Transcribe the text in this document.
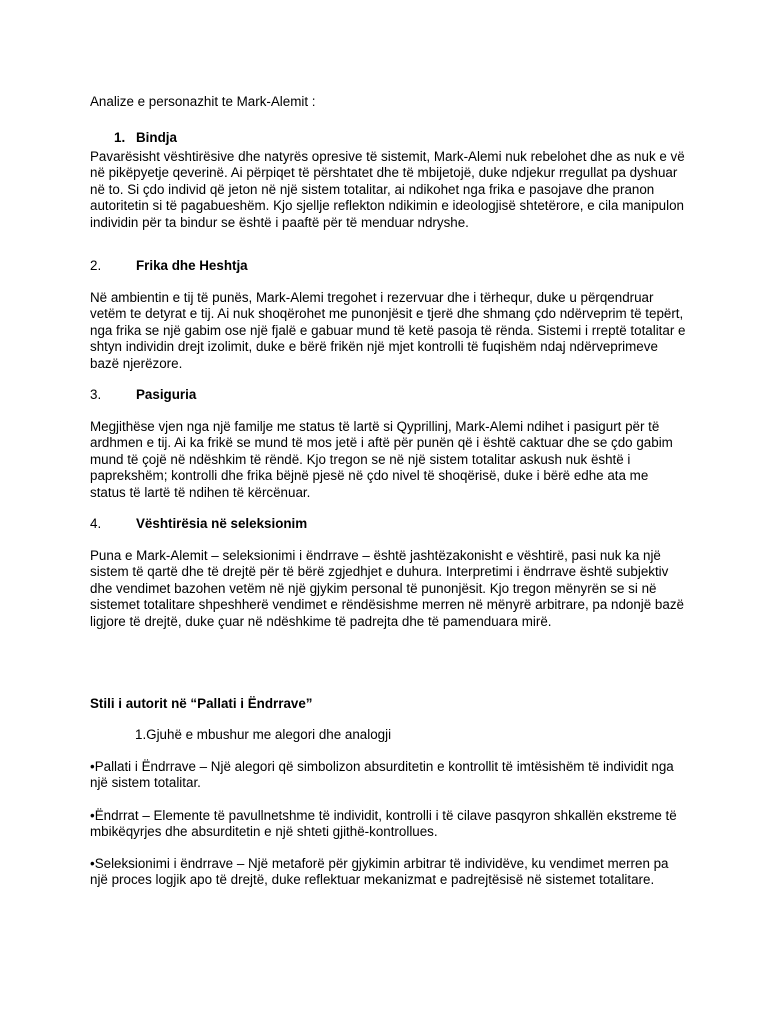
Analize e personazhit te Mark-Alemit :

1. Bindja

Pavarësisht vështirësive dhe natyrës opresive të sistemit, Mark-Alemi nuk rebelohet dhe as nuk e vë në pikëpyetje qeverinë. Ai përpiqet të përshtatet dhe të mbijetojë, duke ndjekur rregullat pa dyshuar në to. Si çdo individ që jeton në një sistem totalitar, ai ndikohet nga frika e pasojave dhe pranon autoritetin si të pagabueshëm. Kjo sjellje reflekton ndikimin e ideologjisë shtetërore, e cila manipulon individin për ta bindur se është i paaftë për të menduar ndryshe.

2.	Frika dhe Heshtja

Në ambientin e tij të punës, Mark-Alemi tregohet i rezervuar dhe i tërhequr, duke u përqendruar vetëm te detyrat e tij. Ai nuk shoqërohet me punonjësit e tjerë dhe shmang çdo ndërveprim të tepërt, nga frika se një gabim ose një fjalë e gabuar mund të ketë pasoja të rënda. Sistemi i rreptë totalitar e shtyn individin drejt izolimit, duke e bërë frikën një mjet kontrolli të fuqishëm ndaj ndërveprimeve bazë njerëzore.

3.	Pasiguria

Megjithëse vjen nga një familje me status të lartë si Qyprillinj, Mark-Alemi ndihet i pasigurt për të ardhmen e tij. Ai ka frikë se mund të mos jetë i aftë për punën që i është caktuar dhe se çdo gabim mund të çojë në ndëshkim të rëndë. Kjo tregon se në një sistem totalitar askush nuk është i paprekshëm; kontrolli dhe frika bëjnë pjesë në çdo nivel të shoqërisë, duke i bërë edhe ata me status të lartë të ndihen të kërcënuar.

4.	Vështirësia në seleksionim

Puna e Mark-Alemit – seleksionimi i ëndrrave – është jashtëzakonisht e vështirë, pasi nuk ka një sistem të qartë dhe të drejtë për të bërë zgjedhjet e duhura. Interpretimi i ëndrrave është subjektiv dhe vendimet bazohen vetëm në një gjykim personal të punonjësit. Kjo tregon mënyrën se si në sistemet totalitare shpeshherë vendimet e rëndësishme merren në mënyrë arbitrare, pa ndonjë bazë ligjore të drejtë, duke çuar në ndëshkime të padrejta dhe të pamenduara mirë.

Stili i autorit në “Pallati i Ëndrrave”

1.Gjuhë e mbushur me alegori dhe analogji

•Pallati i Ëndrrave – Një alegori që simbolizon absurditetin e kontrollit të imtësishëm të individit nga një sistem totalitar.

•Ëndrrat – Elemente të pavullnetshme të individit, kontrolli i të cilave pasqyron shkallën ekstreme të mbikëqyrjes dhe absurditetin e një shteti gjithë-kontrollues.

•Seleksionimi i ëndrrave – Një metaforë për gjykimin arbitrar të individëve, ku vendimet merren pa një proces logjik apo të drejtë, duke reflektuar mekanizmat e padrejtësisë në sistemet totalitare.
